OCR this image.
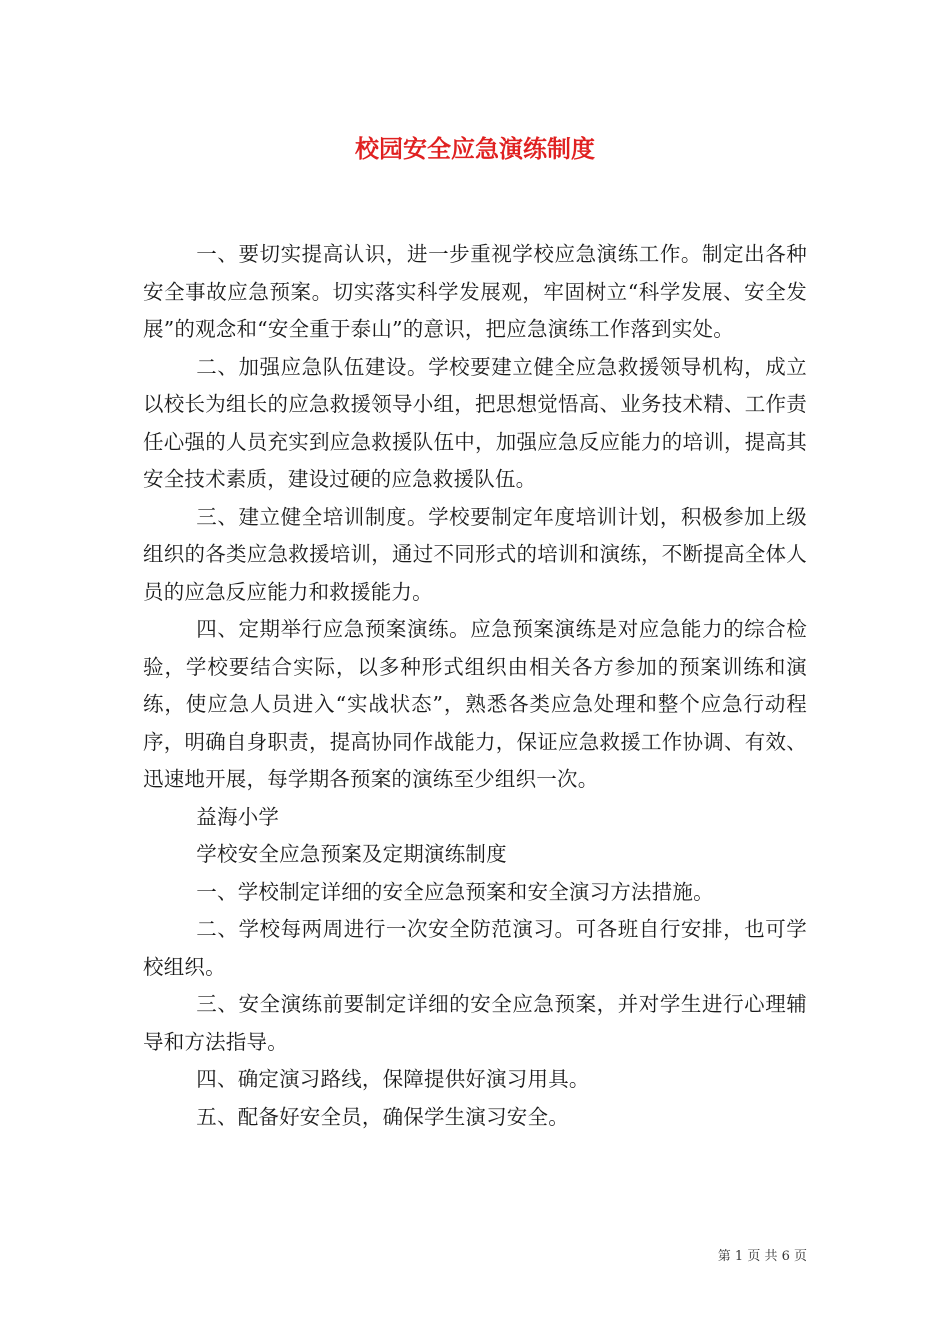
校园安全应急演练制度

一、要切实提高认识，进一步重视学校应急演练工作。制定出各种安全事故应急预案。切实落实科学发展观，牢固树立“科学发展、安全发展”的观念和“安全重于泰山”的意识，把应急演练工作落到实处。

二、加强应急队伍建设。学校要建立健全应急救援领导机构，成立以校长为组长的应急救援领导小组，把思想觉悟高、业务技术精、工作责任心强的人员充实到应急救援队伍中，加强应急反应能力的培训，提高其安全技术素质，建设过硬的应急救援队伍。

三、建立健全培训制度。学校要制定年度培训计划，积极参加上级组织的各类应急救援培训，通过不同形式的培训和演练，不断提高全体人员的应急反应能力和救援能力。

四、定期举行应急预案演练。应急预案演练是对应急能力的综合检验，学校要结合实际，以多种形式组织由相关各方参加的预案训练和演练，使应急人员进入“实战状态”，熟悉各类应急处理和整个应急行动程序，明确自身职责，提高协同作战能力，保证应急救援工作协调、有效、迅速地开展，每学期各预案的演练至少组织一次。

益海小学

学校安全应急预案及定期演练制度

一、学校制定详细的安全应急预案和安全演习方法措施。

二、学校每两周进行一次安全防范演习。可各班自行安排，也可学校组织。

三、安全演练前要制定详细的安全应急预案，并对学生进行心理辅导和方法指导。

四、确定演习路线，保障提供好演习用具。

五、配备好安全员，确保学生演习安全。

第 1 页 共 6 页
